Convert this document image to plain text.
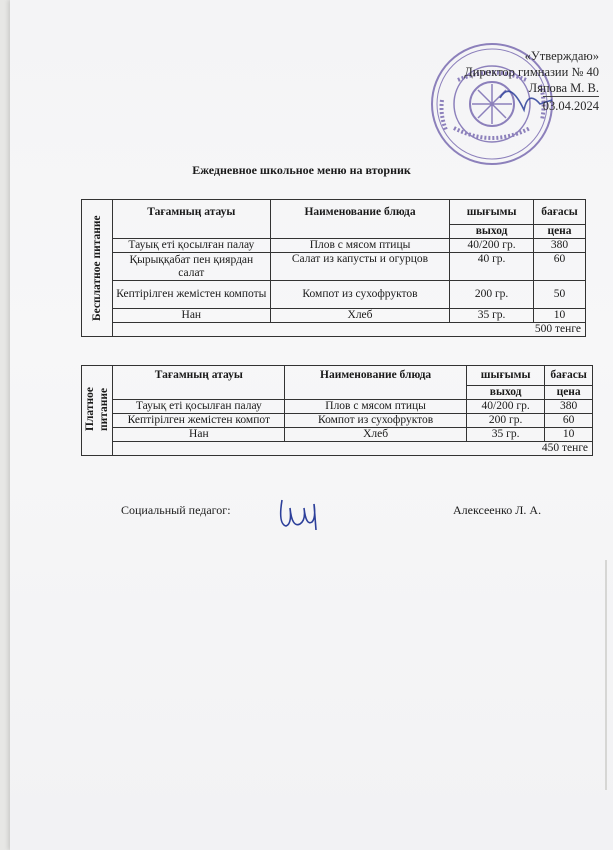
«Утверждаю»
Директор гимназии № 40
Ляпова М. В.
03.04.2024
Ежедневное школьное меню на вторник
Бесплатное питание	Тағамның атауы	Наименование блюда	шығымы	бағасы
			выход	цена
	Тауық еті қосылған палау	Плов с мясом птицы	40/200 гр.	380
	Қырыққабат пен қиярдан салат	Салат из капусты и огурцов	40 гр.	60
	Кептірілген жемістен компоты	Компот из сухофруктов	200 гр.	50
	Нан	Хлеб	35 гр.	10
	500 тенге			
Платное питание	Тағамның атауы	Наименование блюда	шығымы	бағасы
			выход	цена
	Тауық еті қосылған палау	Плов с мясом птицы	40/200 гр.	380
	Кептірілген жемістен компот	Компот из сухофруктов	200 гр.	60
	Нан	Хлеб	35 гр.	10
	450 тенге			
Социальный педагог:	Алексеенко Л. А.
